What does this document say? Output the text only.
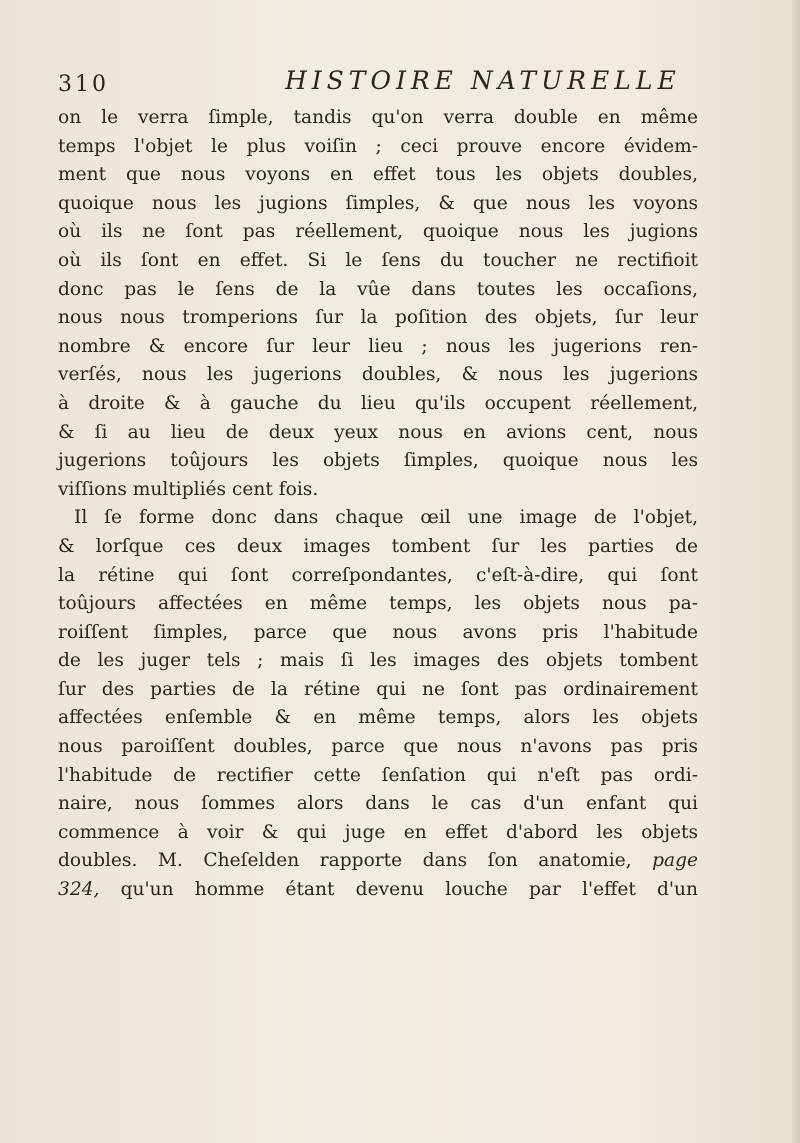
310	HISTOIRE NATURELLE
on le verra ſimple, tandis qu'on verra double en même
temps l'objet le plus voiſin ; ceci prouve encore évidem-
ment que nous voyons en effet tous les objets doubles,
quoique nous les jugions ſimples, & que nous les voyons
où ils ne ſont pas réellement, quoique nous les jugions
où ils ſont en effet. Si le ſens du toucher ne rectifioit
donc pas le ſens de la vûe dans toutes les occaſions,
nous nous tromperions ſur la poſition des objets, ſur leur
nombre & encore ſur leur lieu ; nous les jugerions ren-
verſés, nous les jugerions doubles, & nous les jugerions
à droite & à gauche du lieu qu'ils occupent réellement,
& ſi au lieu de deux yeux nous en avions cent, nous
jugerions toûjours les objets ſimples, quoique nous les
viſſions multipliés cent fois.
Il ſe forme donc dans chaque œil une image de l'objet,
& lorſque ces deux images tombent ſur les parties de
la rétine qui ſont correſpondantes, c'eſt-à-dire, qui ſont
toûjours affectées en même temps, les objets nous pa-
roiſſent ſimples, parce que nous avons pris l'habitude
de les juger tels ; mais ſi les images des objets tombent
ſur des parties de la rétine qui ne ſont pas ordinairement
affectées enſemble & en même temps, alors les objets
nous paroiſſent doubles, parce que nous n'avons pas pris
l'habitude de rectifier cette ſenſation qui n'eſt pas ordi-
naire, nous ſommes alors dans le cas d'un enfant qui
commence à voir & qui juge en effet d'abord les objets
doubles. M. Cheſelden rapporte dans ſon anatomie, page
324, qu'un homme étant devenu louche par l'effet d'un
